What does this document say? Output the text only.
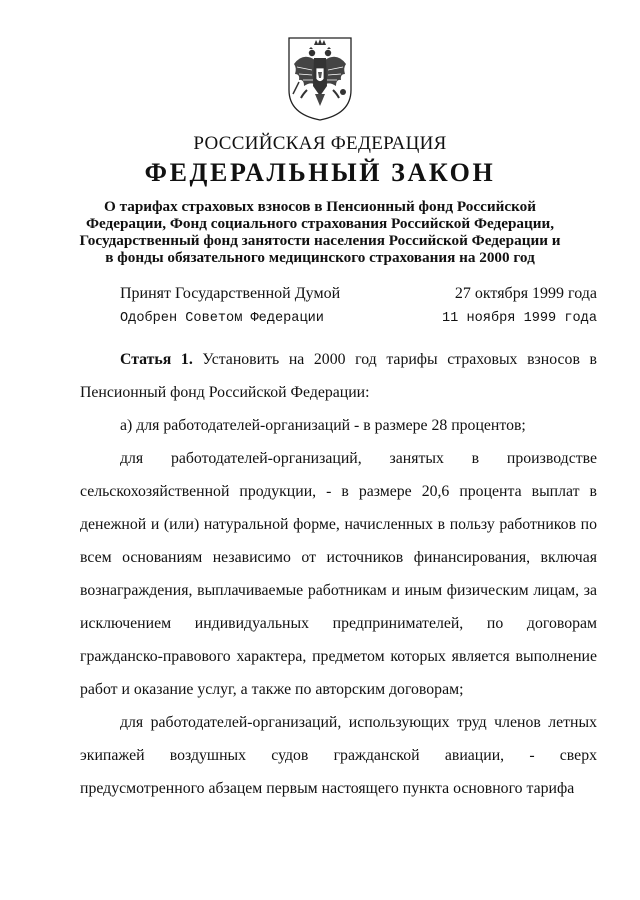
РОССИЙСКАЯ ФЕДЕРАЦИЯ
ФЕДЕРАЛЬНЫЙ ЗАКОН
О тарифах страховых взносов в Пенсионный фонд Российской
Федерации, Фонд социального страхования Российской Федерации,
Государственный фонд занятости населения Российской Федерации и
в фонды обязательного медицинского страхования на 2000 год
Принят Государственной Думой	27 октября 1999 года
Одобрен Советом Федерации	11 ноября 1999 года

Статья 1. Установить на 2000 год тарифы страховых взносов в Пенсионный фонд Российской Федерации:

а) для работодателей-организаций - в размере 28 процентов;

для работодателей-организаций, занятых в производстве сельскохозяйственной продукции, - в размере 20,6 процента выплат в денежной и (или) натуральной форме, начисленных в пользу работников по всем основаниям независимо от источников финансирования, включая вознаграждения, выплачиваемые работникам и иным физическим лицам, за исключением индивидуальных предпринимателей, по договорам гражданско-правового характера, предметом которых является выполнение работ и оказание услуг, а также по авторским договорам;

для работодателей-организаций, использующих труд членов летных экипажей воздушных судов гражданской авиации, - сверх предусмотренного абзацем первым настоящего пункта основного тарифа
